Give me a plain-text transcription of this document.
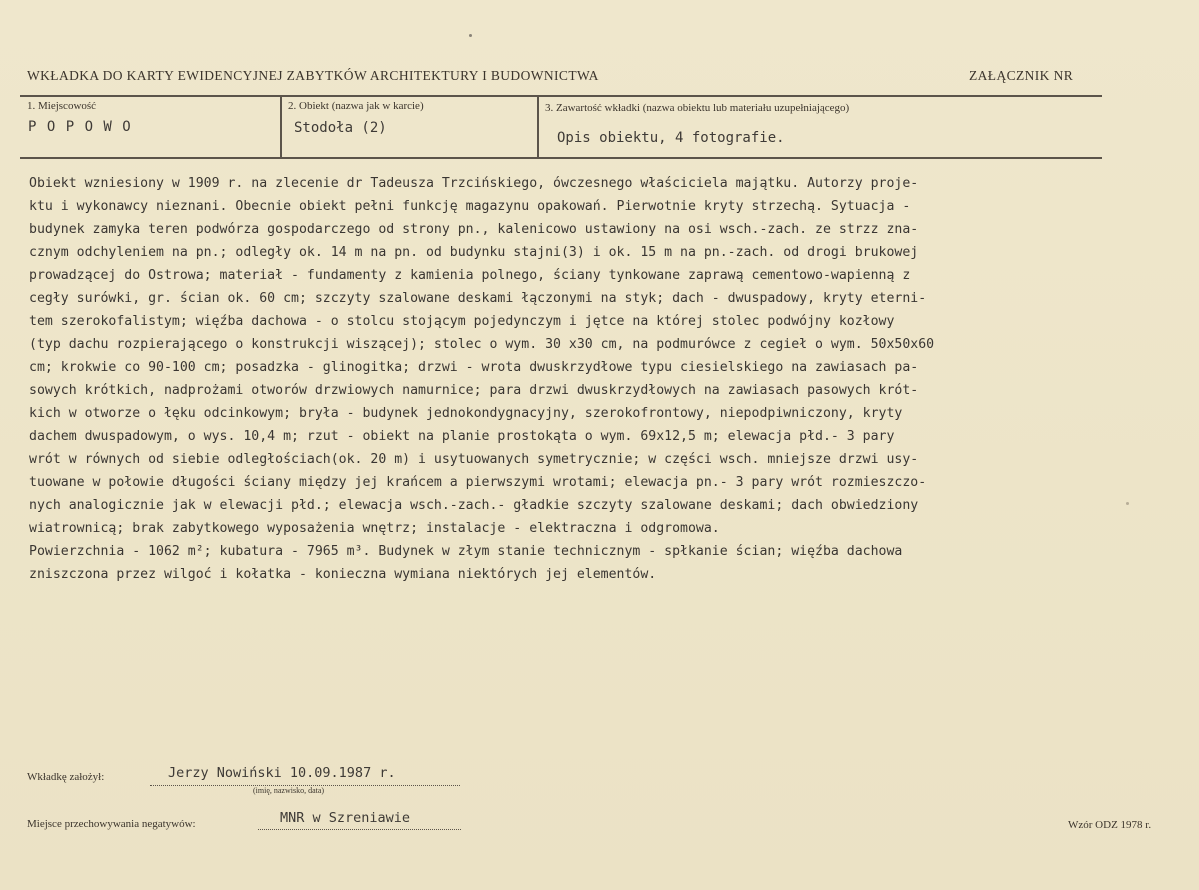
WKŁADKA DO KARTY EWIDENCYJNEJ ZABYTKÓW ARCHITEKTURY I BUDOWNICTWA	ZAŁĄCZNIK NR
1. Miejscowość
P O P O W O
2. Obiekt (nazwa jak w karcie)
Stodoła (2)
3. Zawartość wkładki (nazwa obiektu lub materiału uzupełniającego)
Opis obiektu, 4 fotografie.
Obiekt wzniesiony w 1909 r. na zlecenie dr Tadeusza Trzcińskiego, ówczesnego właściciela majątku. Autorzy proje-
ktu i wykonawcy nieznani. Obecnie obiekt pełni funkcję magazynu opakowań. Pierwotnie kryty strzechą. Sytuacja -
budynek zamyka teren podwórza gospodarczego od strony pn., kalenicowo ustawiony na osi wsch.-zach. ze strzz zna-
cznym odchyleniem na pn.; odległy ok. 14 m na pn. od budynku stajni(3) i ok. 15 m na pn.-zach. od drogi brukowej
prowadzącej do Ostrowa; materiał - fundamenty z kamienia polnego, ściany tynkowane zaprawą cementowo-wapienną z
cegły surówki, gr. ścian ok. 60 cm; szczyty szalowane deskami łączonymi na styk; dach - dwuspadowy, kryty eterni-
tem szerokofalistym; więźba dachowa - o stolcu stojącym pojedynczym i jętce na której stolec podwójny kozłowy
(typ dachu rozpierającego o konstrukcji wiszącej); stolec o wym. 30 x30 cm, na podmurówce z cegieł o wym. 50x50x60
cm; krokwie co 90-100 cm; posadzka - glinogitka; drzwi - wrota dwuskrzydłowe typu ciesielskiego na zawiasach pa-
sowych krótkich, nadprożami otworów drzwiowych namurnice; para drzwi dwuskrzydłowych na zawiasach pasowych krót-
kich w otworze o łęku odcinkowym; bryła - budynek jednokondygnacyjny, szerokofrontowy, niepodpiwniczony, kryty
dachem dwuspadowym, o wys. 10,4 m; rzut - obiekt na planie prostokąta o wym. 69x12,5 m; elewacja płd.- 3 pary
wrót w równych od siebie odległościach(ok. 20 m) i usytuowanych symetrycznie; w części wsch. mniejsze drzwi usy-
tuowane w połowie długości ściany między jej krańcem a pierwszymi wrotami; elewacja pn.- 3 pary wrót rozmieszczo-
nych analogicznie jak w elewacji płd.; elewacja wsch.-zach.- gładkie szczyty szalowane deskami; dach obwiedziony
wiatrownicą; brak zabytkowego wyposażenia wnętrz; instalacje - elektraczna i odgromowa.
Powierzchnia - 1062 m²; kubatura - 7965 m³. Budynek w złym stanie technicznym - spłkanie ścian; więźba dachowa
zniszczona przez wilgoć i kołatka - konieczna wymiana niektórych jej elementów.
Wkładkę założył:	Jerzy Nowiński 10.09.1987 r.
(imię, nazwisko, data)
Miejsce przechowywania negatywów:	MNR w Szreniawie	Wzór ODZ 1978 r.
